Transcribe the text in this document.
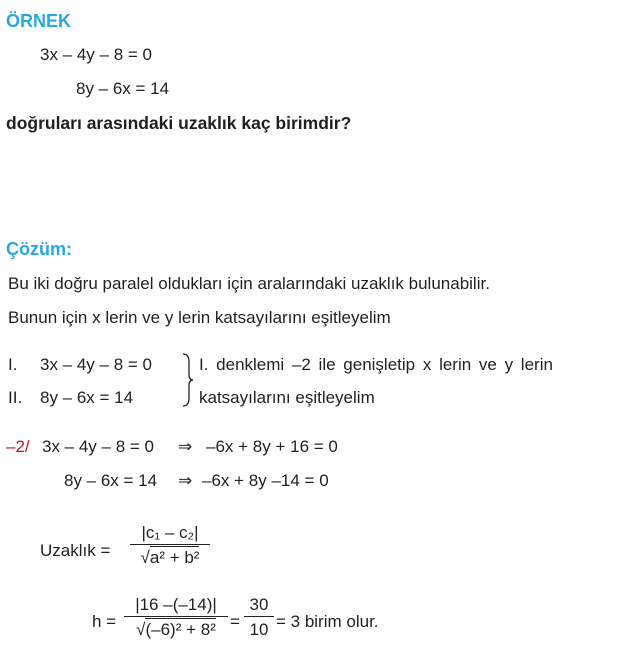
ÖRNEK
3x – 4y – 8 = 0
8y – 6x = 14
doğruları arasındaki uzaklık kaç birimdir?
Çözüm:
Bu iki doğru paralel oldukları için aralarındaki uzaklık bulunabilir.
Bunun için x lerin ve y lerin katsayılarını eşitleyelim
I. 3x – 4y – 8 = 0
II. 8y – 6x = 14
I. denklemi –2 ile genişletip x lerin ve y lerin
katsayılarını eşitleyelim
–2/ 3x – 4y – 8 = 0 ⇒ –6x + 8y + 16 = 0
8y – 6x = 14 ⇒ –6x + 8y –14 = 0
Uzaklık = $\frac{\text{|c₁ – c₂|}}{\text{√a² + b²}}$
$h = \frac{|16 -(-14)|}{\text{√(–6)² + 8²}} = \frac{30}{10} = 3$ birim olur.
